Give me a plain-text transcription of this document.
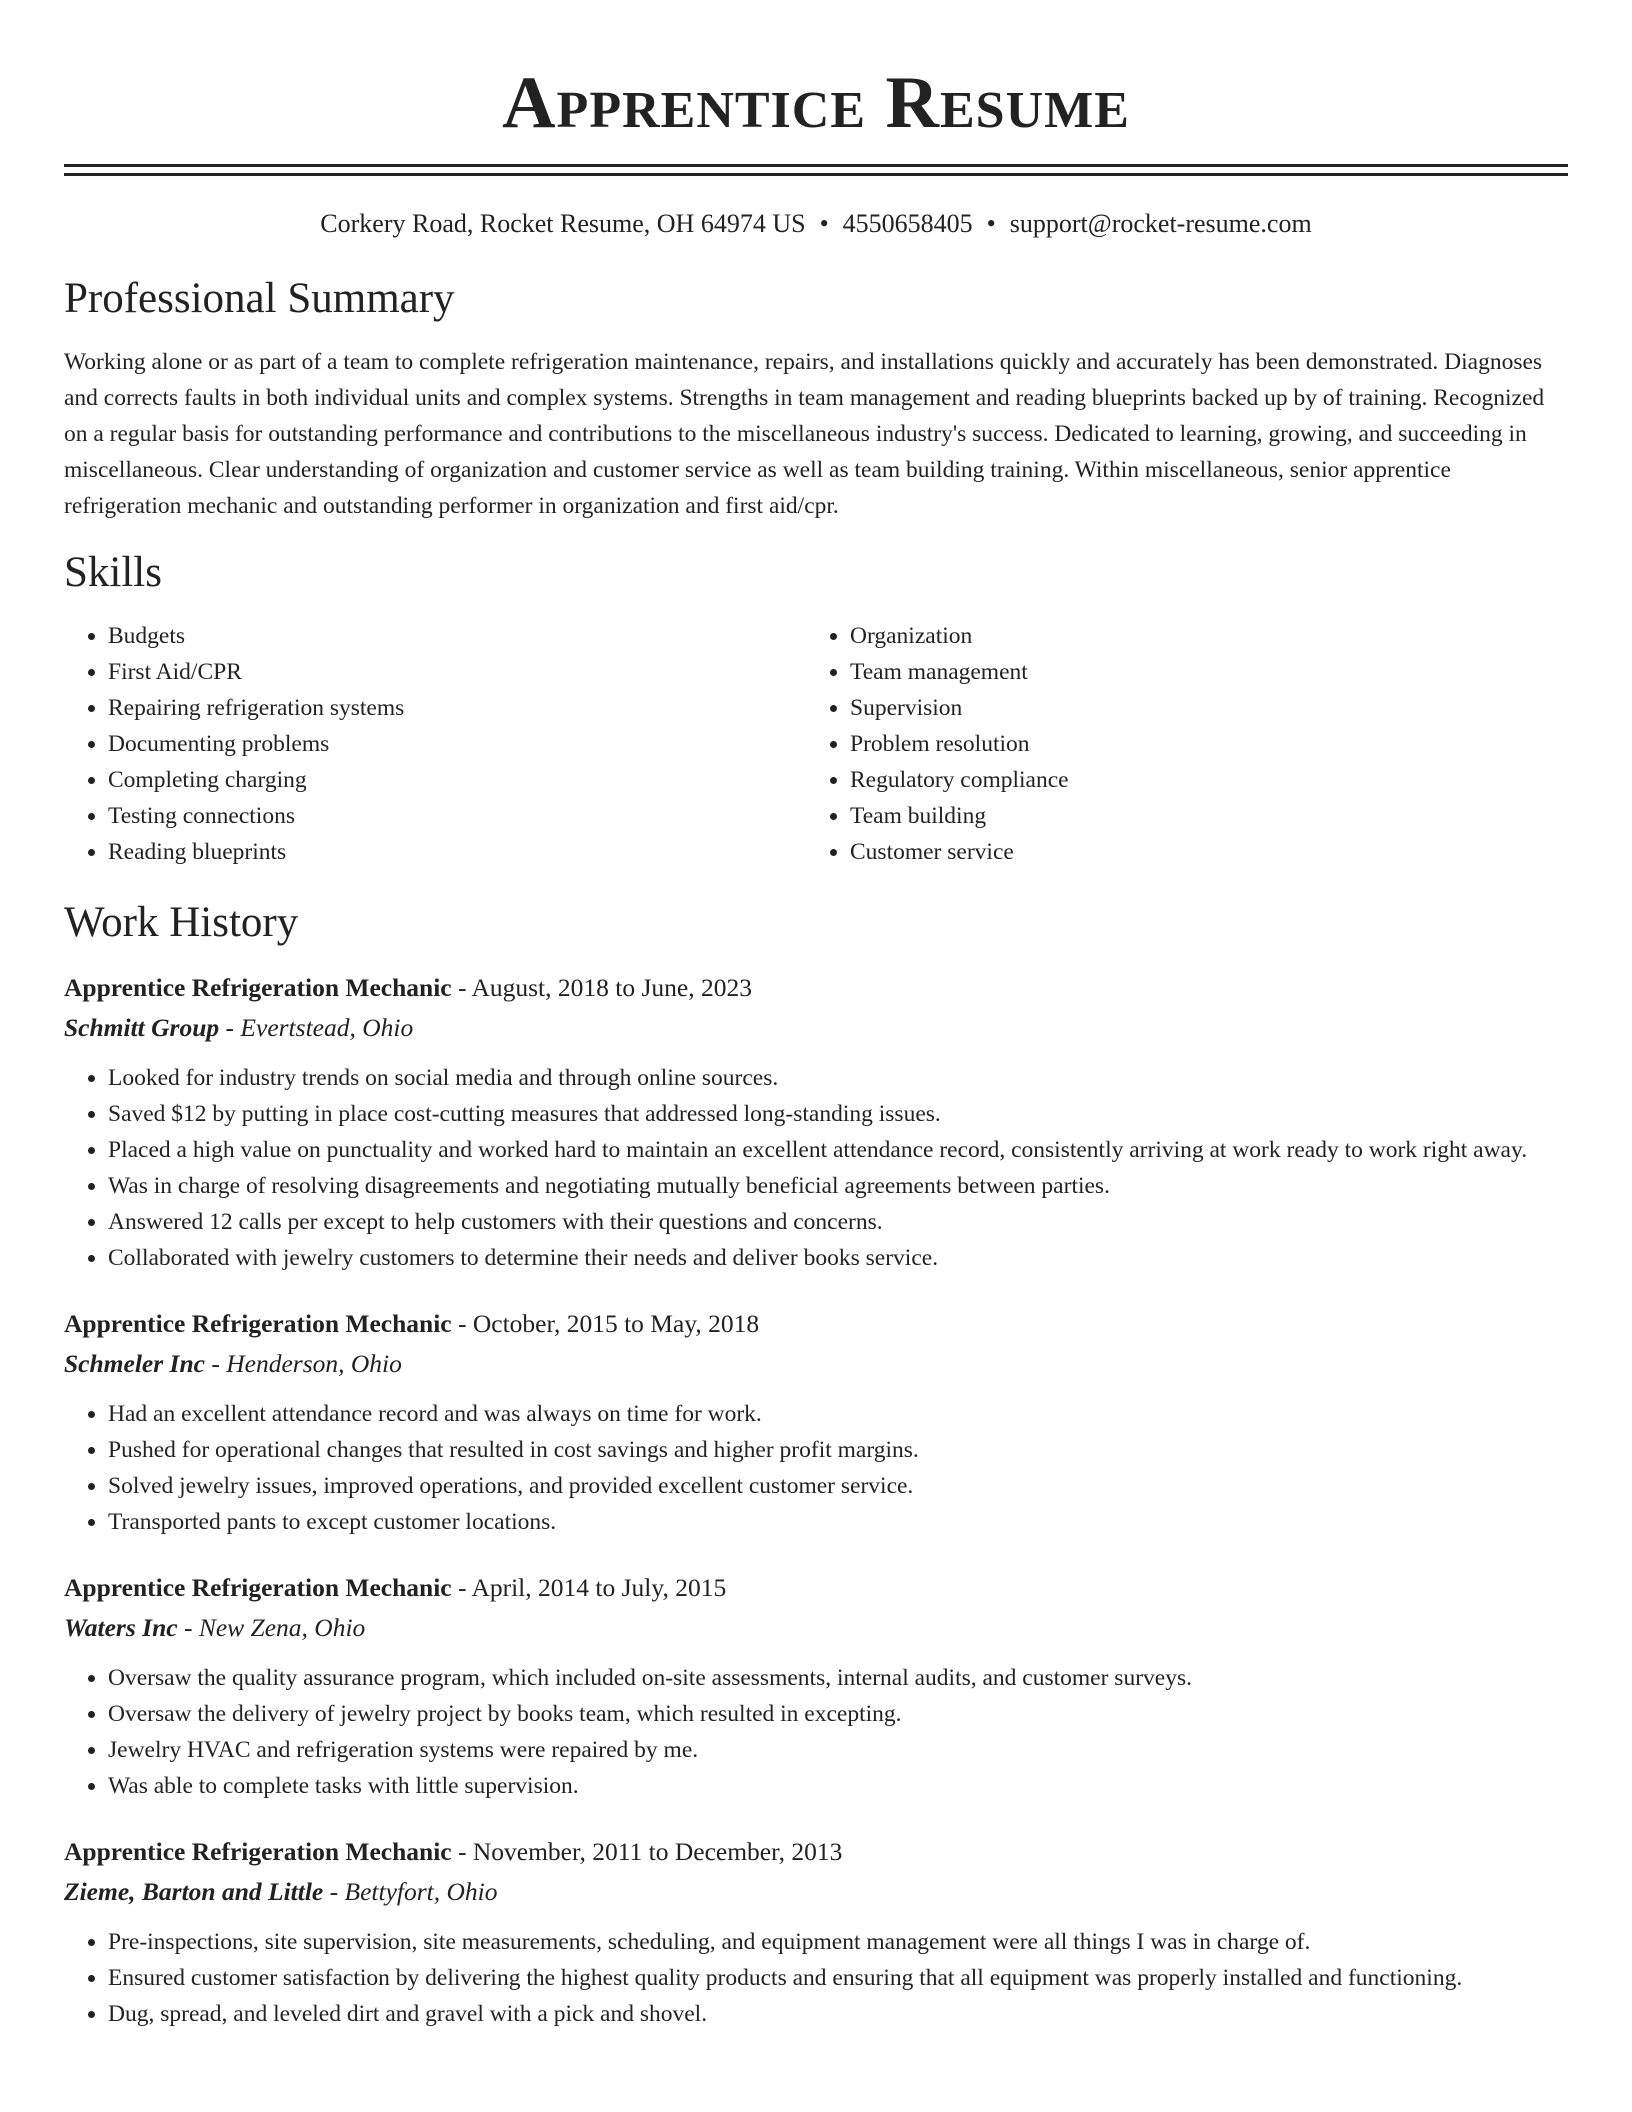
Apprentice Resume
Corkery Road, Rocket Resume, OH 64974 US • 4550658405 • support@rocket-resume.com
Professional Summary

Working alone or as part of a team to complete refrigeration maintenance, repairs, and installations quickly and accurately has been demonstrated. Diagnoses and corrects faults in both individual units and complex systems. Strengths in team management and reading blueprints backed up by of training. Recognized on a regular basis for outstanding performance and contributions to the miscellaneous industry's success. Dedicated to learning, growing, and succeeding in miscellaneous. Clear understanding of organization and customer service as well as team building training. Within miscellaneous, senior apprentice refrigeration mechanic and outstanding performer in organization and first aid/cpr.

Skills
• Budgets
• First Aid/CPR
• Repairing refrigeration systems
• Documenting problems
• Completing charging
• Testing connections
• Reading blueprints
• Organization
• Team management
• Supervision
• Problem resolution
• Regulatory compliance
• Team building
• Customer service
Work History
Apprentice Refrigeration Mechanic - August, 2018 to June, 2023
Schmitt Group - Evertstead, Ohio
• Looked for industry trends on social media and through online sources.
• Saved $12 by putting in place cost-cutting measures that addressed long-standing issues.
• Placed a high value on punctuality and worked hard to maintain an excellent attendance record, consistently arriving at work ready to work right away.
• Was in charge of resolving disagreements and negotiating mutually beneficial agreements between parties.
• Answered 12 calls per except to help customers with their questions and concerns.
• Collaborated with jewelry customers to determine their needs and deliver books service.
Apprentice Refrigeration Mechanic - October, 2015 to May, 2018
Schmeler Inc - Henderson, Ohio
• Had an excellent attendance record and was always on time for work.
• Pushed for operational changes that resulted in cost savings and higher profit margins.
• Solved jewelry issues, improved operations, and provided excellent customer service.
• Transported pants to except customer locations.
Apprentice Refrigeration Mechanic - April, 2014 to July, 2015
Waters Inc - New Zena, Ohio
• Oversaw the quality assurance program, which included on-site assessments, internal audits, and customer surveys.
• Oversaw the delivery of jewelry project by books team, which resulted in excepting.
• Jewelry HVAC and refrigeration systems were repaired by me.
• Was able to complete tasks with little supervision.
Apprentice Refrigeration Mechanic - November, 2011 to December, 2013
Zieme, Barton and Little - Bettyfort, Ohio
• Pre-inspections, site supervision, site measurements, scheduling, and equipment management were all things I was in charge of.
• Ensured customer satisfaction by delivering the highest quality products and ensuring that all equipment was properly installed and functioning.
• Dug, spread, and leveled dirt and gravel with a pick and shovel.
